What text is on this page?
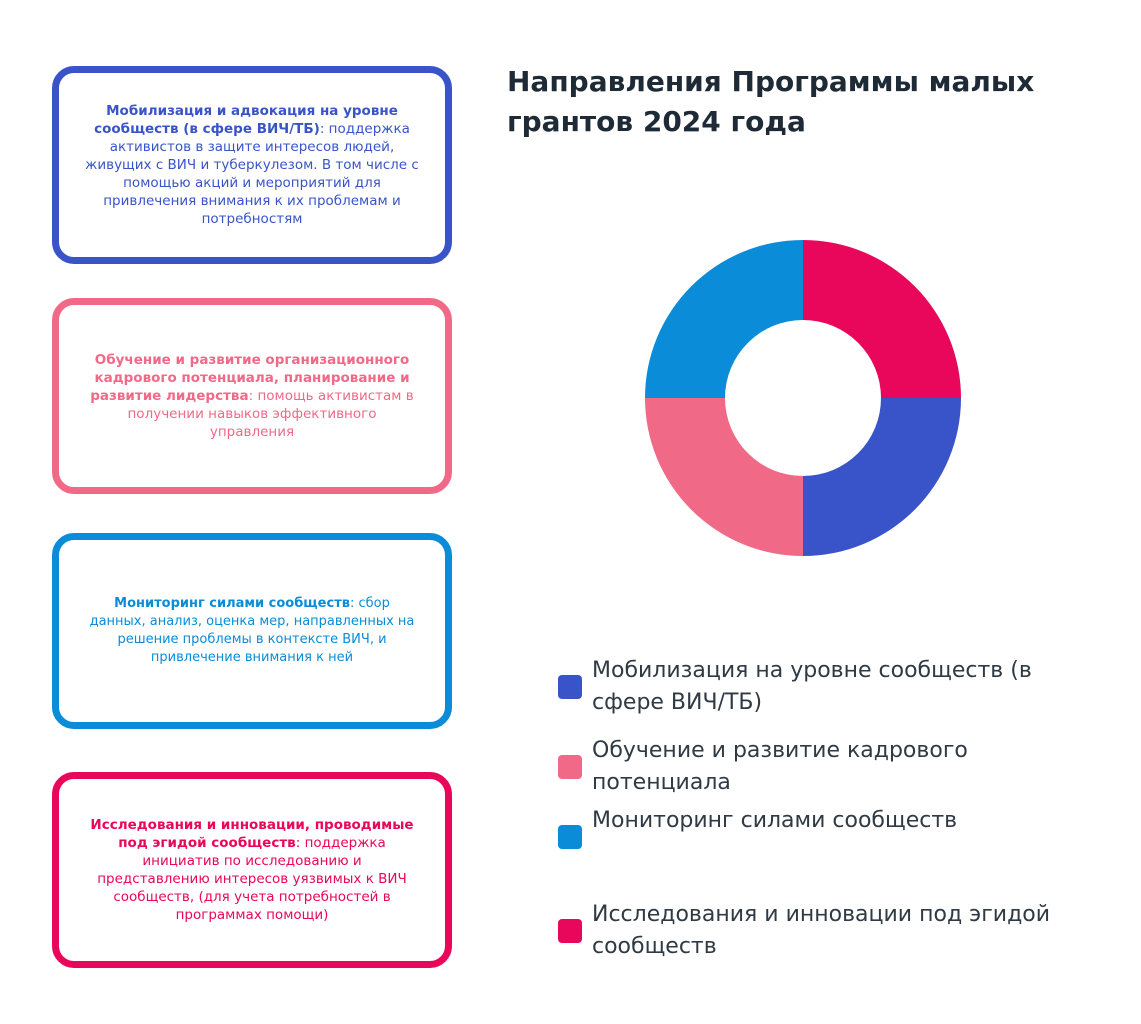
Мобилизация и адвокация на уровне сообществ (в сфере ВИЧ/ТБ): поддержка активистов в защите интересов людей, живущих с ВИЧ и туберкулезом. В том числе с помощью акций и мероприятий для привлечения внимания к их проблемам и потребностям

Обучение и развитие организационного кадрового потенциала, планирование и развитие лидерства: помощь активистам в получении навыков эффективного управления

Мониторинг силами сообществ: сбор данных, анализ, оценка мер, направленных на решение проблемы в контексте ВИЧ, и привлечение внимания к ней

Исследования и инновации, проводимые под эгидой сообществ: поддержка инициатив по исследованию и представлению интересов уязвимых к ВИЧ сообществ, (для учета потребностей в программах помощи)

Направления Программы малых грантов 2024 года
Мобилизация на уровне сообществ (в сфере ВИЧ/ТБ)
Обучение и развитие кадрового потенциала
Мониторинг силами сообществ
Исследования и инновации под эгидой сообществ
